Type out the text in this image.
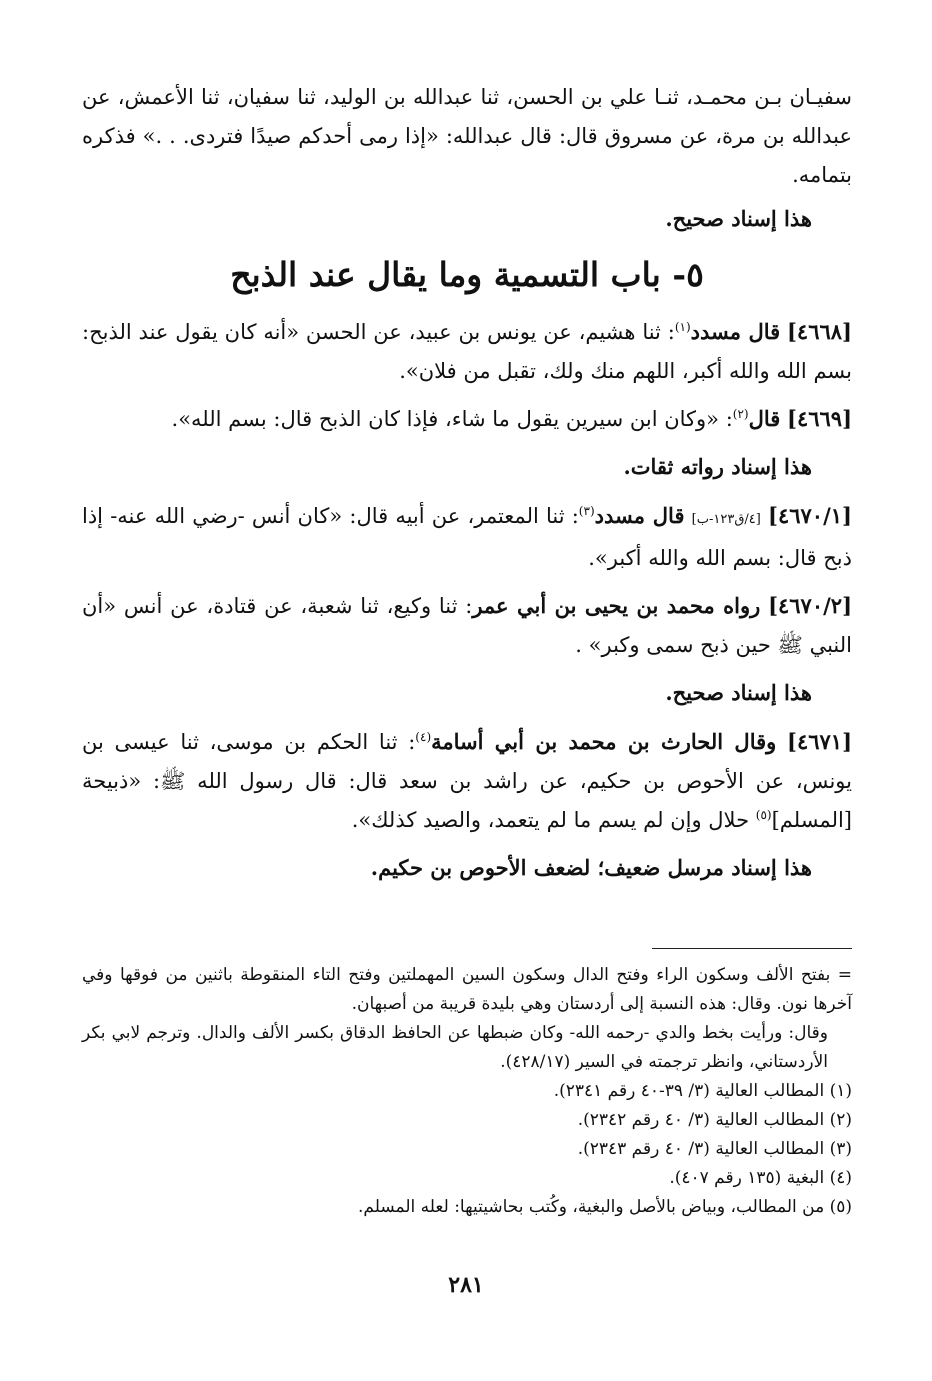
سفيـان بـن محمـد، ثنـا علي بن الحسن، ثنا عبدالله بن الوليد، ثنا سفيان، ثنا الأعمش، عن عبدالله بن مرة، عن مسروق قال: قال عبدالله: «إذا رمى أحدكم صيدًا فتردى. . .» فذكره بتمامه.

هذا إسناد صحيح.

٥- باب التسمية وما يقال عند الذبح

[٤٦٦٨] قال مسدد$^{(١)}$: ثنا هشيم، عن يونس بن عبيد، عن الحسن «أنه كان يقول عند الذبح: بسم الله والله أكبر، اللهم منك ولك، تقبل من فلان».

[٤٦٦٩] قال$^{(٢)}$: «وكان ابن سيرين يقول ما شاء، فإذا كان الذبح قال: بسم الله».

هذا إسناد رواته ثقات.

[٤٦٧٠/١] [٤/ق١٢٣-ب] قال مسدد$^{(٣)}$: ثنا المعتمر، عن أبيه قال: «كان أنس -رضي الله عنه- إذا ذبح قال: بسم الله والله أكبر».

[٤٦٧٠/٢] رواه محمد بن يحيى بن أبي عمر: ثنا وكيع، ثنا شعبة، عن قتادة، عن أنس «أن النبي ﷺ حين ذبح سمى وكبر» .

هذا إسناد صحيح.

[٤٦٧١] وقال الحارث بن محمد بن أبي أسامة$^{(٤)}$: ثنا الحكم بن موسى، ثنا عيسى بن يونس، عن الأحوص بن حكيم، عن راشد بن سعد قال: قال رسول الله ﷺ: «ذبيحة [المسلم]$^{(٥)}$ حلال وإن لم يسم ما لم يتعمد، والصيد كذلك».

هذا إسناد مرسل ضعيف؛ لضعف الأحوص بن حكيم.

= بفتح الألف وسكون الراء وفتح الدال وسكون السين المهملتين وفتح التاء المنقوطة باثنين من فوقها وفي آخرها نون. وقال: هذه النسبة إلى أردستان وهي بليدة قريبة من أصبهان.

وقال: ورأيت بخط والدي -رحمه الله- وكان ضبطها عن الحافظ الدقاق بكسر الألف والدال. وترجم لابي بكر الأردستاني، وانظر ترجمته في السير (٤٢٨/١٧).

(١) المطالب العالية (٣/ ٣٩-٤٠ رقم ٢٣٤١).

(٢) المطالب العالية (٣/ ٤٠ رقم ٢٣٤٢).

(٣) المطالب العالية (٣/ ٤٠ رقم ٢٣٤٣).

(٤) البغية (١٣٥ رقم ٤٠٧).

(٥) من المطالب، وبياض بالأصل والبغية، وكُتب بحاشيتيها: لعله المسلم.

٢٨١
